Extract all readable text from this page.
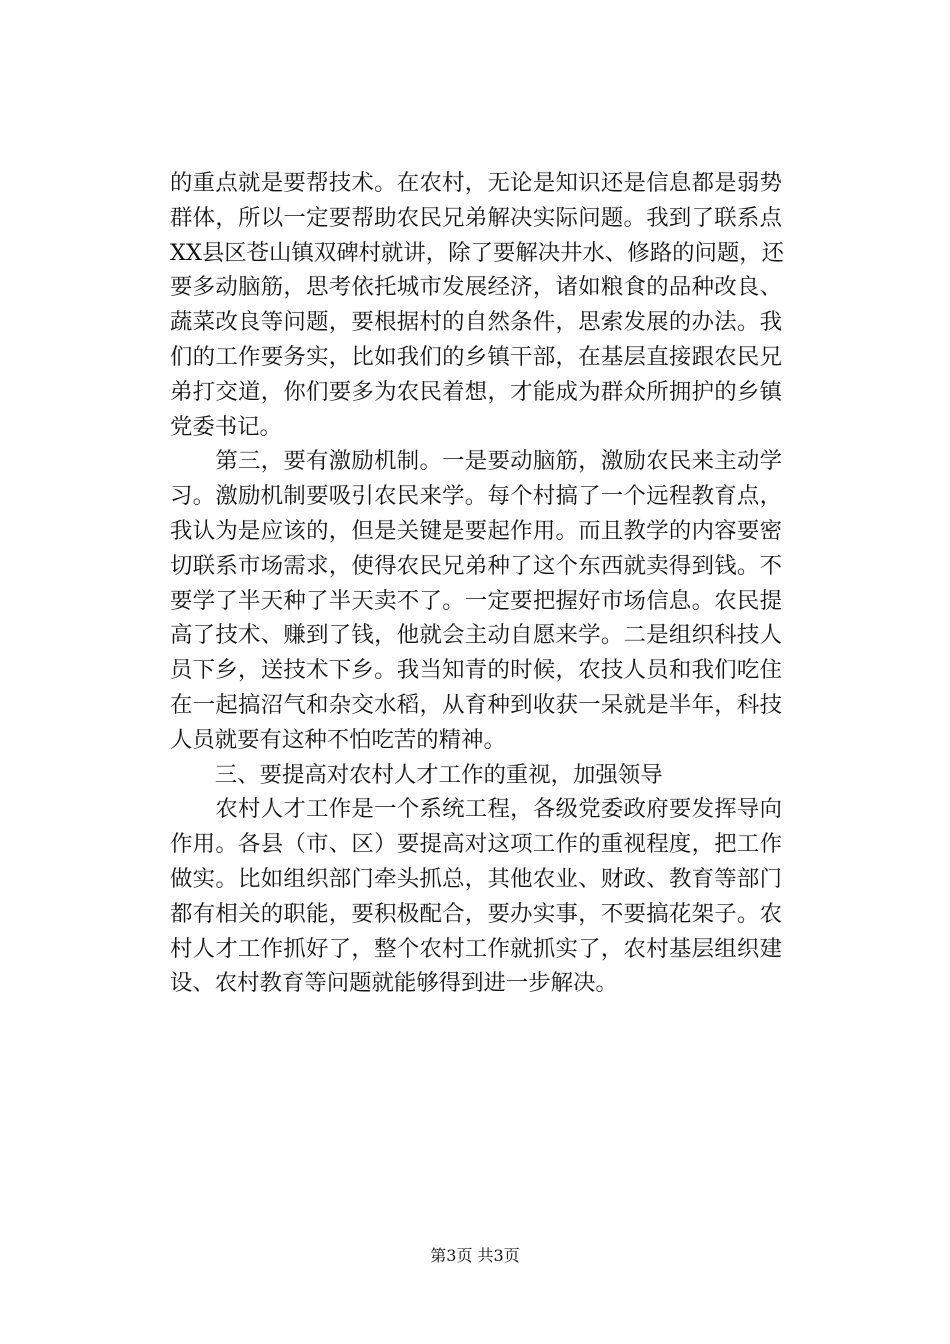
的重点就是要帮技术。在农村，无论是知识还是信息都是弱势
群体，所以一定要帮助农民兄弟解决实际问题。我到了联系点
XX县区苍山镇双碑村就讲，除了要解决井水、修路的问题，还
要多动脑筋，思考依托城市发展经济，诸如粮食的品种改良、
蔬菜改良等问题，要根据村的自然条件，思索发展的办法。我
们的工作要务实，比如我们的乡镇干部，在基层直接跟农民兄
弟打交道，你们要多为农民着想，才能成为群众所拥护的乡镇
党委书记。
　　第三，要有激励机制。一是要动脑筋，激励农民来主动学
习。激励机制要吸引农民来学。每个村搞了一个远程教育点，
我认为是应该的，但是关键是要起作用。而且教学的内容要密
切联系市场需求，使得农民兄弟种了这个东西就卖得到钱。不
要学了半天种了半天卖不了。一定要把握好市场信息。农民提
高了技术、赚到了钱，他就会主动自愿来学。二是组织科技人
员下乡，送技术下乡。我当知青的时候，农技人员和我们吃住
在一起搞沼气和杂交水稻，从育种到收获一呆就是半年，科技
人员就要有这种不怕吃苦的精神。
　　三、要提高对农村人才工作的重视，加强领导
　　农村人才工作是一个系统工程，各级党委政府要发挥导向
作用。各县（市、区）要提高对这项工作的重视程度，把工作
做实。比如组织部门牵头抓总，其他农业、财政、教育等部门
都有相关的职能，要积极配合，要办实事，不要搞花架子。农
村人才工作抓好了，整个农村工作就抓实了，农村基层组织建
设、农村教育等问题就能够得到进一步解决。
第3页 共3页
